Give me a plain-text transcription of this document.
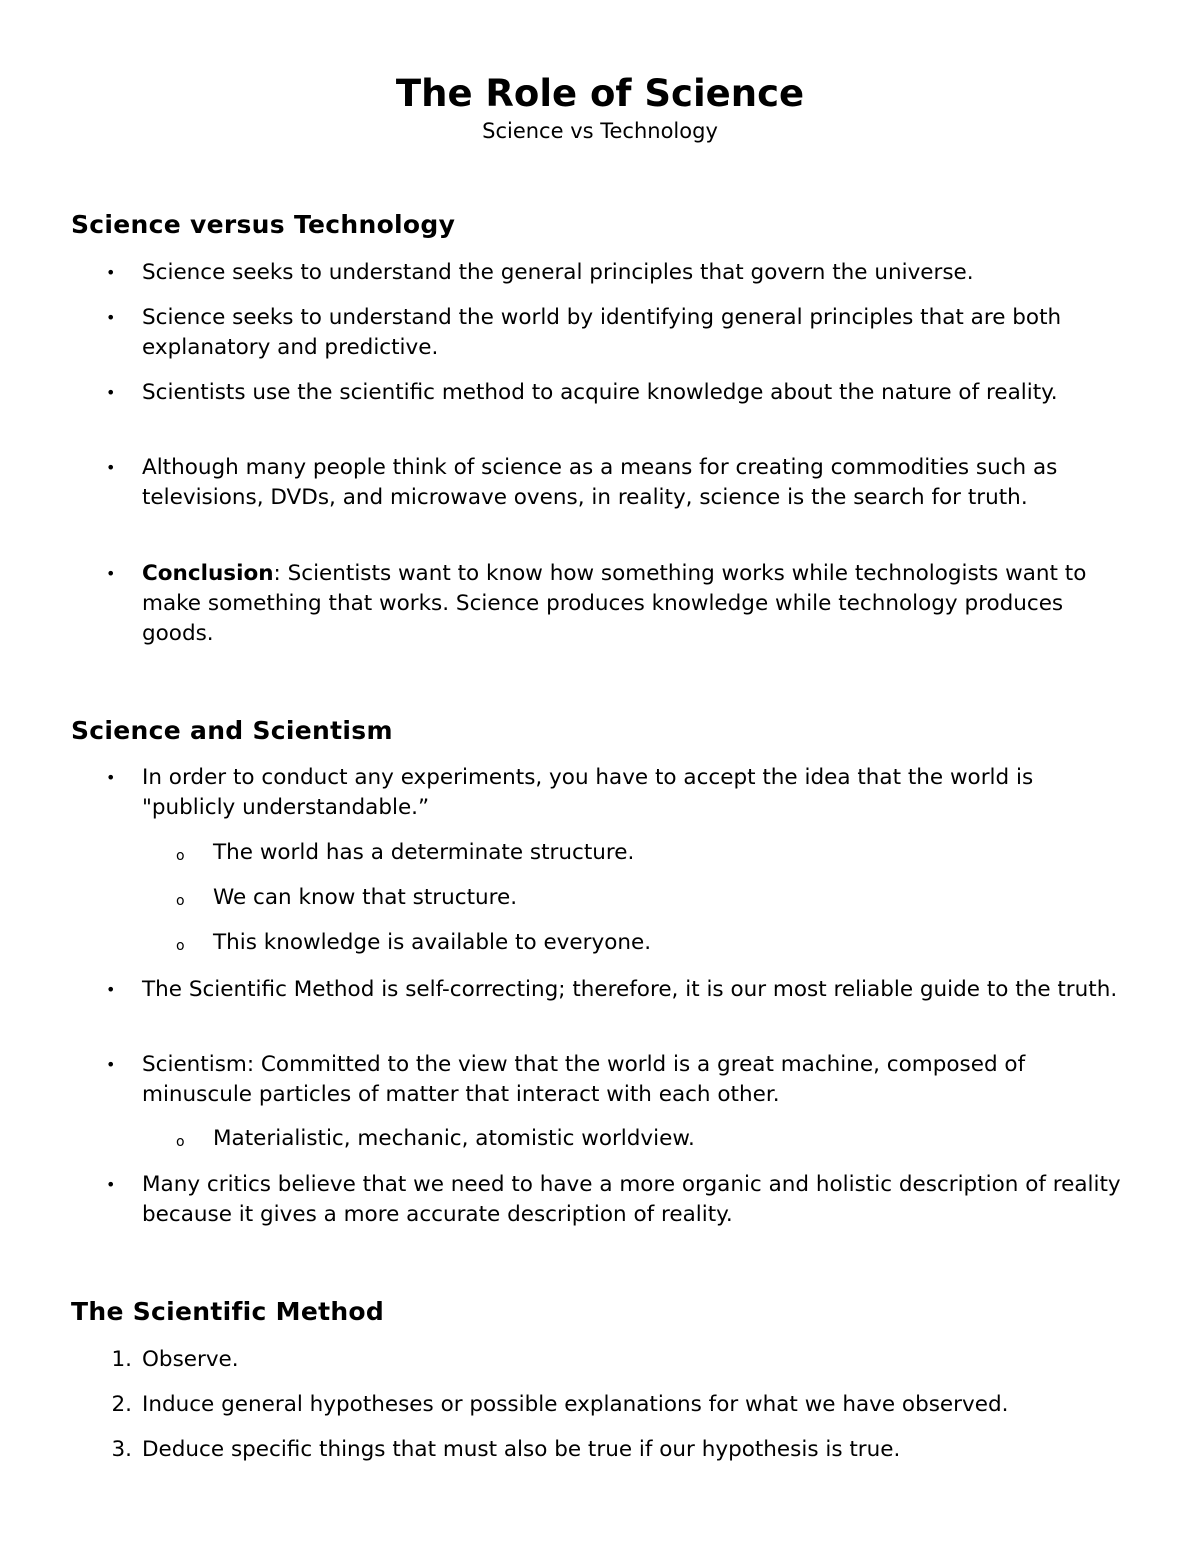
The Role of Science
Science vs Technology
Science versus Technology

•	Science seeks to understand the general principles that govern the universe.

•	Science seeks to understand the world by identifying general principles that are both explanatory and predictive.

•	Scientists use the scientific method to acquire knowledge about the nature of reality.

•	Although many people think of science as a means for creating commodities such as televisions, DVDs, and microwave ovens, in reality, science is the search for truth.

•	Conclusion: Scientists want to know how something works while technologists want to make something that works. Science produces knowledge while technology produces goods.

Science and Scientism

•	In order to conduct any experiments, you have to accept the idea that the world is "publicly understandable.”

o The world has a determinate structure.

o We can know that structure.

o This knowledge is available to everyone.

•	The Scientific Method is self-correcting; therefore, it is our most reliable guide to the truth.

•	Scientism: Committed to the view that the world is a great machine, composed of minuscule particles of matter that interact with each other.

o Materialistic, mechanic, atomistic worldview.

•	Many critics believe that we need to have a more organic and holistic description of reality because it gives a more accurate description of reality.

The Scientific Method

1. Observe.

2. Induce general hypotheses or possible explanations for what we have observed.

3. Deduce specific things that must also be true if our hypothesis is true.
